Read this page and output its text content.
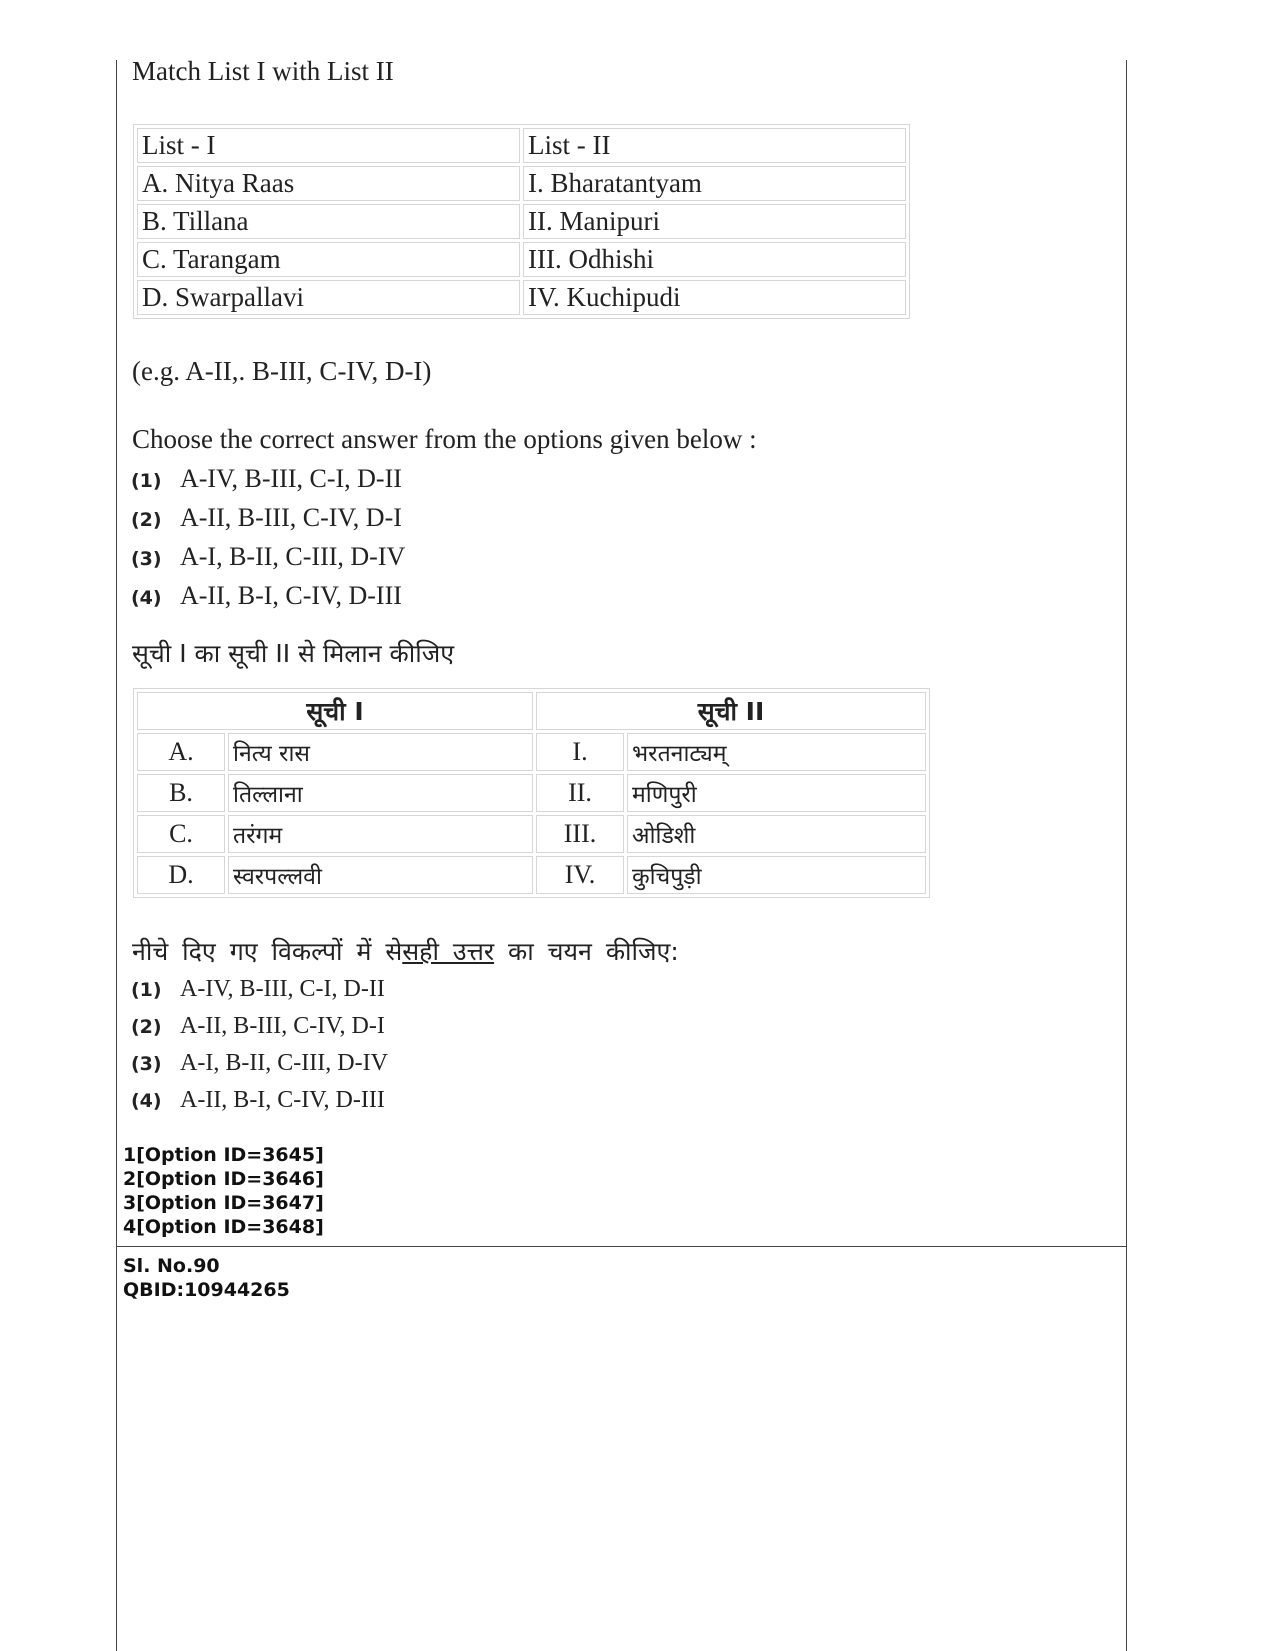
Match List I with List II
List - I	List - II
A. Nitya Raas	I. Bharatantyam
B. Tillana	II. Manipuri
C. Tarangam	III. Odhishi
D. Swarpallavi	IV. Kuchipudi
(e.g. A-II,. B-III, C-IV, D-I)
Choose the correct answer from the options given below :
(1) A-IV, B-III, C-I, D-II
(2) A-II, B-III, C-IV, D-I
(3) A-I, B-II, C-III, D-IV
(4) A-II, B-I, C-IV, D-III
सूची I का सूची II से मिलान कीजिए
सूची I		सूची II	
A.	नित्य रास	I.	भरतनाट्यम्
B.	तिल्लाना	II.	मणिपुरी
C.	तरंगम	III.	ओडिशी
D.	स्वरपल्लवी	IV.	कुचिपुड़ी
नीचे दिए गए विकल्पों में सेसही उत्तर का चयन कीजिए:
(1) A-IV, B-III, C-I, D-II
(2) A-II, B-III, C-IV, D-I
(3) A-I, B-II, C-III, D-IV
(4) A-II, B-I, C-IV, D-III
1[Option ID=3645]
2[Option ID=3646]
3[Option ID=3647]
4[Option ID=3648]
Sl. No.90
QBID:10944265
